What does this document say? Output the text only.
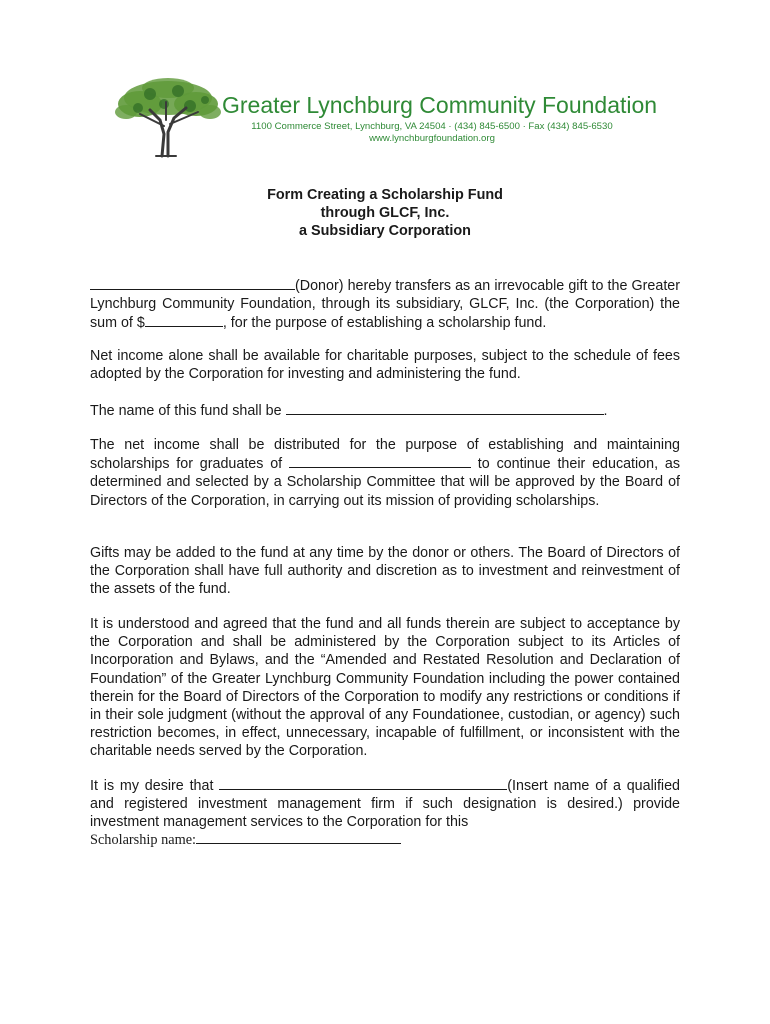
Greater Lynchburg Community Foundation
1100 Commerce Street, Lynchburg, VA 24504 · (434) 845-6500 · Fax (434) 845-6530
www.lynchburgfoundation.org
Form Creating a Scholarship Fund
through GLCF, Inc.
a Subsidiary Corporation
(Donor) hereby transfers as an irrevocable gift to the Greater Lynchburg Community Foundation, through its subsidiary, GLCF, Inc. (the Corporation) the sum of $	, for the purpose of establishing a scholarship fund.
Net income alone shall be available for charitable purposes, subject to the schedule of fees adopted by the Corporation for investing and administering the fund.
The name of this fund shall be	.
The net income shall be distributed for the purpose of establishing and maintaining scholarships for graduates of	to continue their education, as determined and selected by a Scholarship Committee that will be approved by the Board of Directors of the Corporation, in carrying out its mission of providing scholarships.
Gifts may be added to the fund at any time by the donor or others. The Board of Directors of the Corporation shall have full authority and discretion as to investment and reinvestment of the assets of the fund.
It is understood and agreed that the fund and all funds therein are subject to acceptance by the Corporation and shall be administered by the Corporation subject to its Articles of Incorporation and Bylaws, and the “Amended and Restated Resolution and Declaration of Foundation” of the Greater Lynchburg Community Foundation including the power contained therein for the Board of Directors of the Corporation to modify any restrictions or conditions if in their sole judgment (without the approval of any Foundationee, custodian, or agency) such restriction becomes, in effect, unnecessary, incapable of fulfillment, or inconsistent with the charitable needs served by the Corporation.
It is my desire that	(Insert name of a qualified and registered investment management firm if such designation is desired.) provide investment management services to the Corporation for this
Scholarship name:
